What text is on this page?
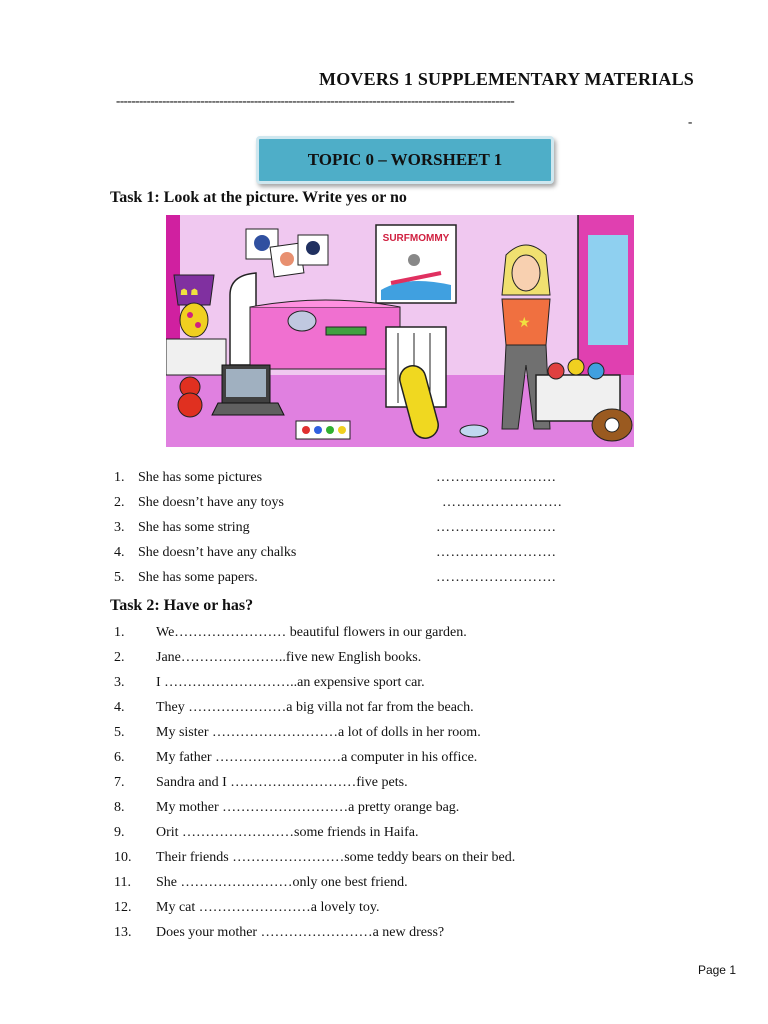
MOVERS 1 SUPPLEMENTARY MATERIALS
--------------------------------------------------------------------------------------------------------
-
TOPIC 0 – WORSHEET 1
Task 1: Look at the picture. Write yes or no
SURFMOMMY
☗ ☗
★
1. She has some pictures	…………………….
2. She doesn’t have any toys	…………………….
3. She has some string	…………………….
4. She doesn’t have any chalks	…………………….
5. She has some papers.	…………………….
Task 2: Have or has?
1.	We…………………… beautiful flowers in our garden.
2.	Jane…………………..five new English books.
3.	I ………………………..an expensive sport car.
4.	They …………………a big villa not far from the beach.
5.	My sister ………………………a lot of dolls in her room.
6.	My father ………………………a computer in his office.
7.	Sandra and I ………………………five pets.
8.	My mother ………………………a pretty orange bag.
9.	Orit ……………………some friends in Haifa.
10.	Their friends ……………………some teddy bears on their bed.
11.	She ……………………only one best friend.
12.	My cat ……………………a lovely toy.
13.	Does your mother ……………………a new dress?
Page 1
